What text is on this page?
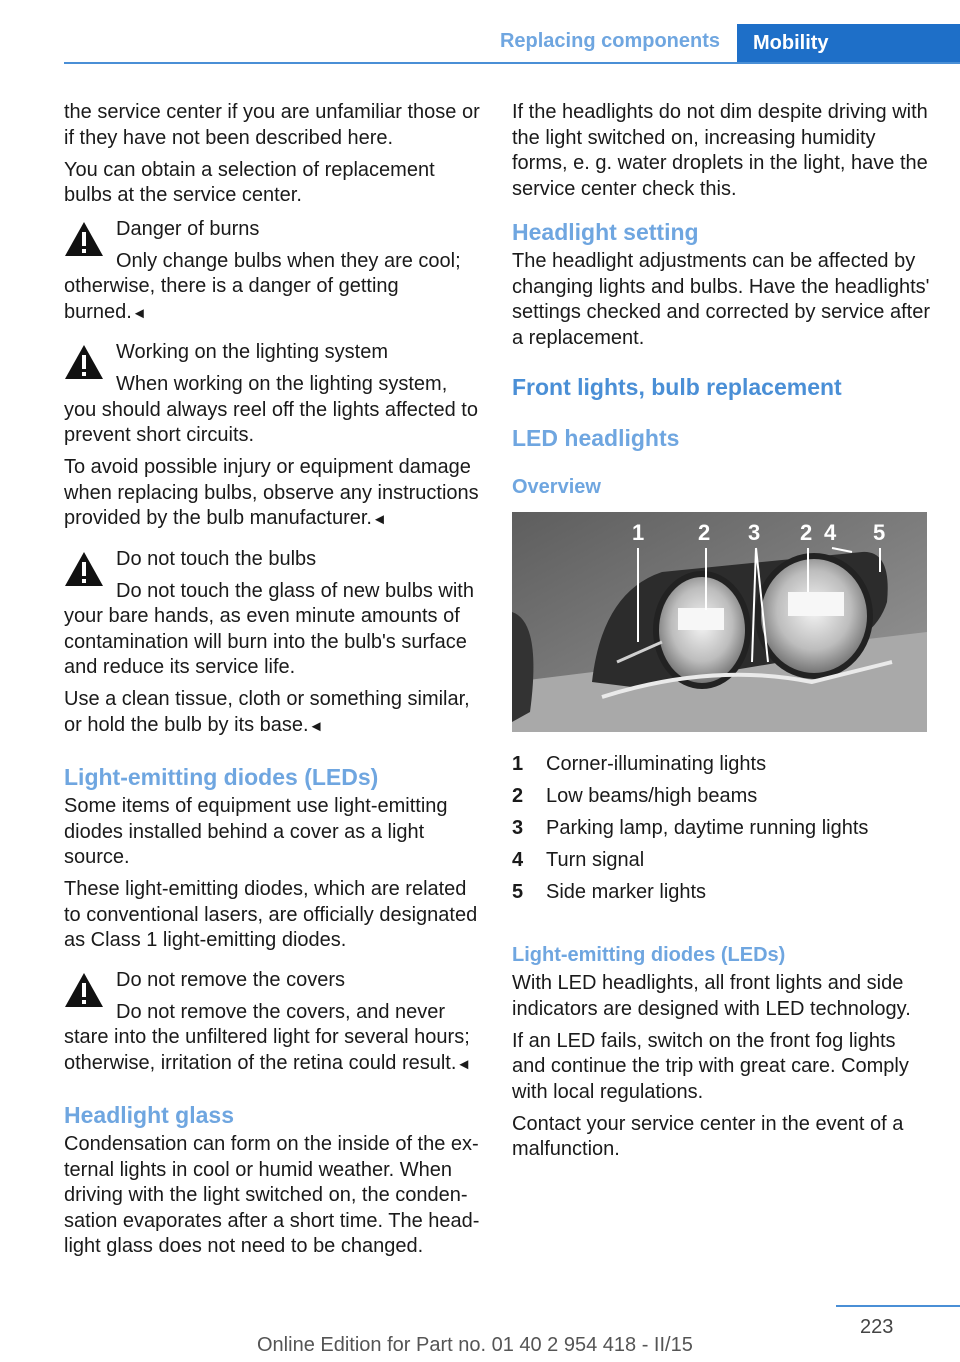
Replacing components	Mobility

the service center if you are unfamiliar those or if they have not been described here.

You can obtain a selection of replacement bulbs at the service center.

Danger of burns
Only change bulbs when they are cool; otherwise, there is a danger of getting burned.◄
Working on the lighting system
When working on the lighting system, you should always reel off the lights affected to prevent short circuits.

To avoid possible injury or equipment damage when replacing bulbs, observe any instructions provided by the bulb manufacturer.◄

Do not touch the bulbs
Do not touch the glass of new bulbs with your bare hands, as even minute amounts of contamination will burn into the bulb's surface and reduce its service life.

Use a clean tissue, cloth or something similar, or hold the bulb by its base.◄

Light-emitting diodes (LEDs)

Some items of equipment use light-emitting diodes installed behind a cover as a light source.

These light-emitting diodes, which are related to conventional lasers, are officially designated as Class 1 light-emitting diodes.

Do not remove the covers
Do not remove the covers, and never stare into the unfiltered light for several hours; otherwise, irritation of the retina could result.◄
Headlight glass

Condensation can form on the inside of the external lights in cool or humid weather. When driving with the light switched on, the condensation evaporates after a short time. The headlight glass does not need to be changed.

If the headlights do not dim despite driving with the light switched on, increasing humidity forms, e. g. water droplets in the light, have the service center check this.

Headlight setting

The headlight adjustments can be affected by changing lights and bulbs. Have the headlights' settings checked and corrected by service after a replacement.

Front lights, bulb replacement
LED headlights
Overview
1 2 3 2 4 5
1	Corner-illuminating lights
2	Low beams/high beams
3	Parking lamp, daytime running lights
4	Turn signal
5	Side marker lights
Light-emitting diodes (LEDs)

With LED headlights, all front lights and side indicators are designed with LED technology.

If an LED fails, switch on the front fog lights and continue the trip with great care. Comply with local regulations.

Contact your service center in the event of a malfunction.

223
Online Edition for Part no. 01 40 2 954 418 - II/15
